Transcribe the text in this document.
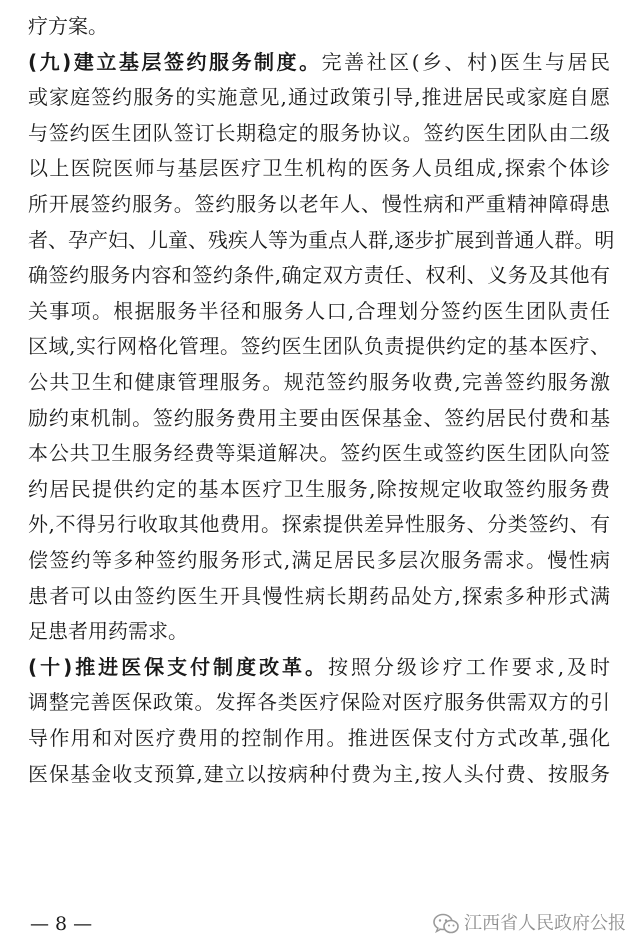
疗方案。
(九)建立基层签约服务制度。完善社区(乡、村)医生与居民
或家庭签约服务的实施意见,通过政策引导,推进居民或家庭自愿
与签约医生团队签订长期稳定的服务协议。签约医生团队由二级
以上医院医师与基层医疗卫生机构的医务人员组成,探索个体诊
所开展签约服务。签约服务以老年人、慢性病和严重精神障碍患
者、孕产妇、儿童、残疾人等为重点人群,逐步扩展到普通人群。明
确签约服务内容和签约条件,确定双方责任、权利、义务及其他有
关事项。根据服务半径和服务人口,合理划分签约医生团队责任
区域,实行网格化管理。签约医生团队负责提供约定的基本医疗、
公共卫生和健康管理服务。规范签约服务收费,完善签约服务激
励约束机制。签约服务费用主要由医保基金、签约居民付费和基
本公共卫生服务经费等渠道解决。签约医生或签约医生团队向签
约居民提供约定的基本医疗卫生服务,除按规定收取签约服务费
外,不得另行收取其他费用。探索提供差异性服务、分类签约、有
偿签约等多种签约服务形式,满足居民多层次服务需求。慢性病
患者可以由签约医生开具慢性病长期药品处方,探索多种形式满
足患者用药需求。
(十)推进医保支付制度改革。按照分级诊疗工作要求,及时
调整完善医保政策。发挥各类医疗保险对医疗服务供需双方的引
导作用和对医疗费用的控制作用。推进医保支付方式改革,强化
医保基金收支预算,建立以按病种付费为主,按人头付费、按服务
— 8 —	江西省人民政府公报
